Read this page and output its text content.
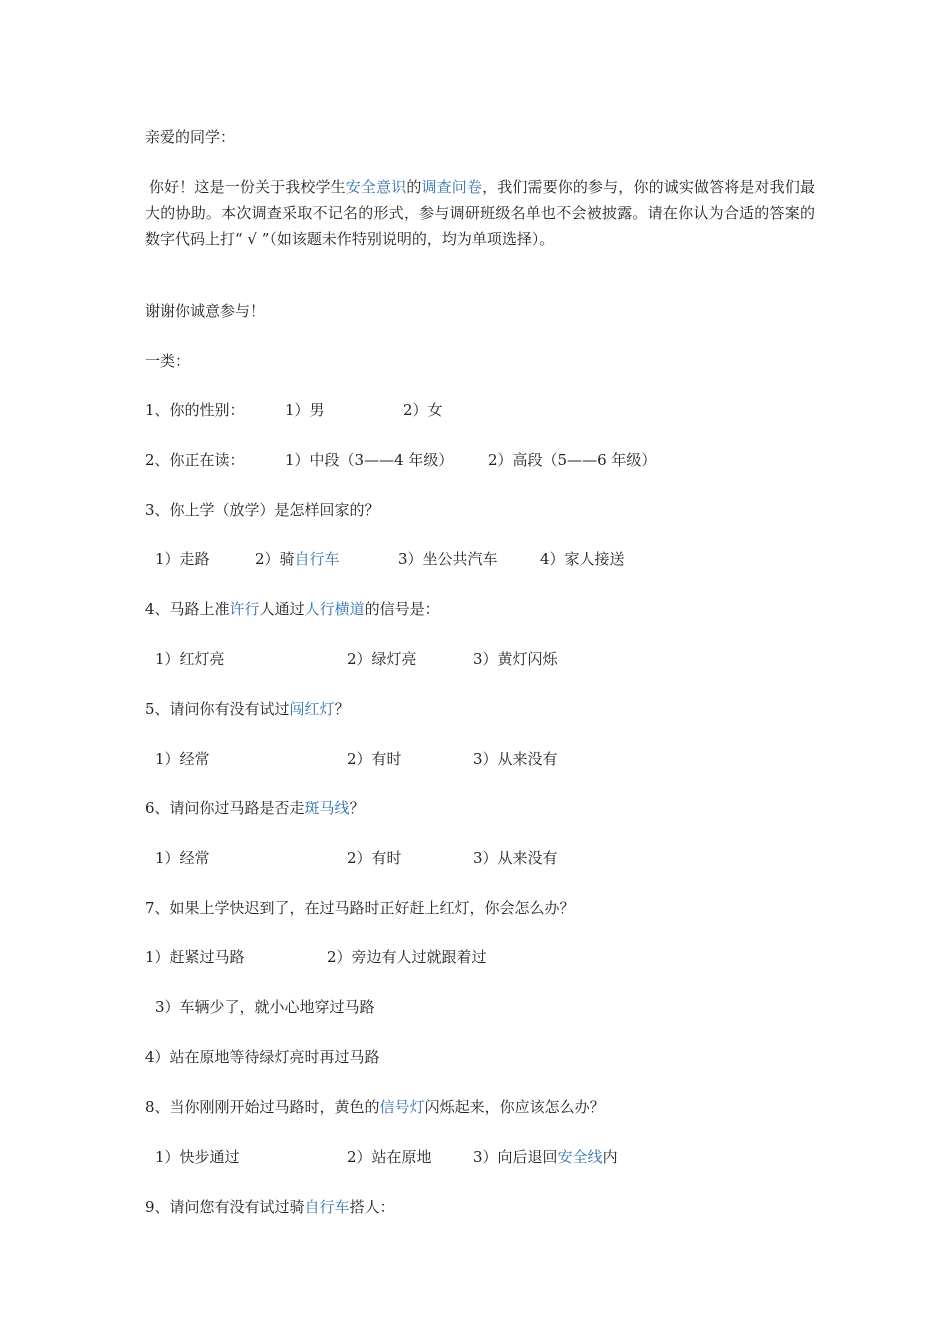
亲爱的同学：
你好！这是一份关于我校学生安全意识的调查问卷，我们需要你的参与，你的诚实做答将是对我们最大的协助。本次调查采取不记名的形式，参与调研班级名单也不会被披露。请在你认为合适的答案的数字代码上打“ √ ”（如该题未作特别说明的，均为单项选择）。
谢谢你诚意参与！
一类：
1、你的性别：	1）男	2）女
2、你正在读：	1）中段（3——4 年级） 2）高段（5——6 年级）
3、你上学（放学）是怎样回家的？
1）走路	2）骑自行车	3）坐公共汽车	4）家人接送
4、马路上准许行人通过人行横道的信号是：
1）红灯亮	2）绿灯亮	3）黄灯闪烁
5、请问你有没有试过闯红灯？
1）经常	2）有时	3）从来没有
6、请问你过马路是否走斑马线？
1）经常	2）有时	3）从来没有
7、如果上学快迟到了，在过马路时正好赶上红灯，你会怎么办？
1）赶紧过马路	2）旁边有人过就跟着过
3）车辆少了，就小心地穿过马路
4）站在原地等待绿灯亮时再过马路
8、当你刚刚开始过马路时，黄色的信号灯闪烁起来，你应该怎么办？
1）快步通过	2）站在原地	3）向后退回安全线内
9、请问您有没有试过骑自行车搭人：
